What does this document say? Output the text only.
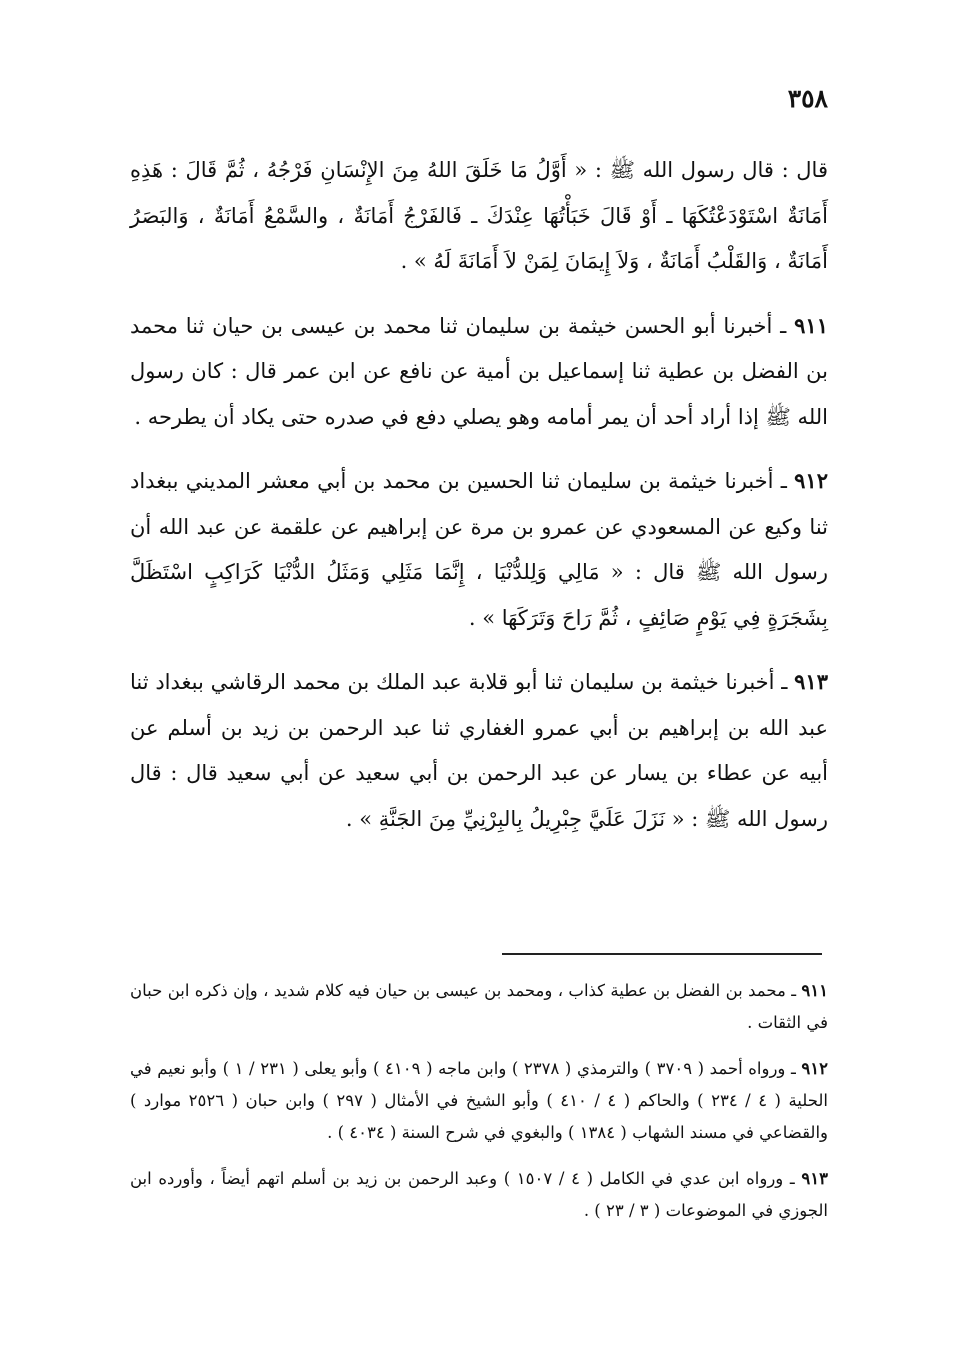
٣٥٨

قال : قال رسول الله ﷺ : « أَوَّلُ مَا خَلَقَ اللهُ مِنَ الإِنْسَانِ فَرْجُهُ ، ثُمَّ قَالَ : هَذِهِ أَمَانَةٌ اسْتَوْدَعْتُكَهَا ـ أَوْ قَالَ خَبَأْتُهَا عِنْدَكَ ـ فَالفَرْجُ أَمَانَةٌ ، والسَّمْعُ أَمَانَةٌ ، وَالبَصَرُ أَمَانَةٌ ، وَالقَلْبُ أَمَانَةٌ ، وَلاَ إِيمَانَ لِمَنْ لاَ أَمَانَةَ لَهُ » .

٩١١ ـ أخبرنا أبو الحسن خيثمة بن سليمان ثنا محمد بن عيسى بن حيان ثنا محمد بن الفضل بن عطية ثنا إسماعيل بن أمية عن نافع عن ابن عمر قال : كان رسول الله ﷺ إذا أراد أحد أن يمر أمامه وهو يصلي دفع في صدره حتى يكاد أن يطرحه .

٩١٢ ـ أخبرنا خيثمة بن سليمان ثنا الحسين بن محمد بن أبي معشر المديني ببغداد ثنا وكيع عن المسعودي عن عمرو بن مرة عن إبراهيم عن علقمة عن عبد الله أن رسول الله ﷺ قال : « مَالِي وَلِلدُّنْيَا ، إِنَّمَا مَثَلِي وَمَثَلُ الدُّنْيَا كَرَاكِبٍ اسْتَظَلَّ بِشَجَرَةٍ فِي يَوْمٍ صَائِفٍ ، ثُمَّ رَاحَ وَتَرَكَهَا » .

٩١٣ ـ أخبرنا خيثمة بن سليمان ثنا أبو قلابة عبد الملك بن محمد الرقاشي ببغداد ثنا عبد الله بن إبراهيم بن أبي عمرو الغفاري ثنا عبد الرحمن بن زيد بن أسلم عن أبيه عن عطاء بن يسار عن عبد الرحمن بن أبي سعيد عن أبي سعيد قال : قال رسول الله ﷺ : « نَزَلَ عَلَيَّ جِبْرِيلُ بِالبِرْنِيِّ مِنَ الجَنَّةِ » .

٩١١ ـ محمد بن الفضل بن عطية كذاب ، ومحمد بن عيسى بن حيان فيه كلام شديد ، وإن ذكره ابن حبان في الثقات .

٩١٢ ـ ورواه أحمد ( ٣٧٠٩ ) والترمذي ( ٢٣٧٨ ) وابن ماجه ( ٤١٠٩ ) وأبو يعلى ( ٢٣١ / ١ ) وأبو نعيم في الحلية ( ٤ / ٢٣٤ ) والحاكم ( ٤ / ٤١٠ ) وأبو الشيخ في الأمثال ( ٢٩٧ ) وابن حبان ( ٢٥٢٦ موارد ) والقضاعي في مسند الشهاب ( ١٣٨٤ ) والبغوي في شرح السنة ( ٤٠٣٤ ) .

٩١٣ ـ ورواه ابن عدي في الكامل ( ٤ / ١٥٠٧ ) وعبد الرحمن بن زيد بن أسلم اتهم أيضاً ، وأورده ابن الجوزي في الموضوعات ( ٣ / ٢٣ ) .
